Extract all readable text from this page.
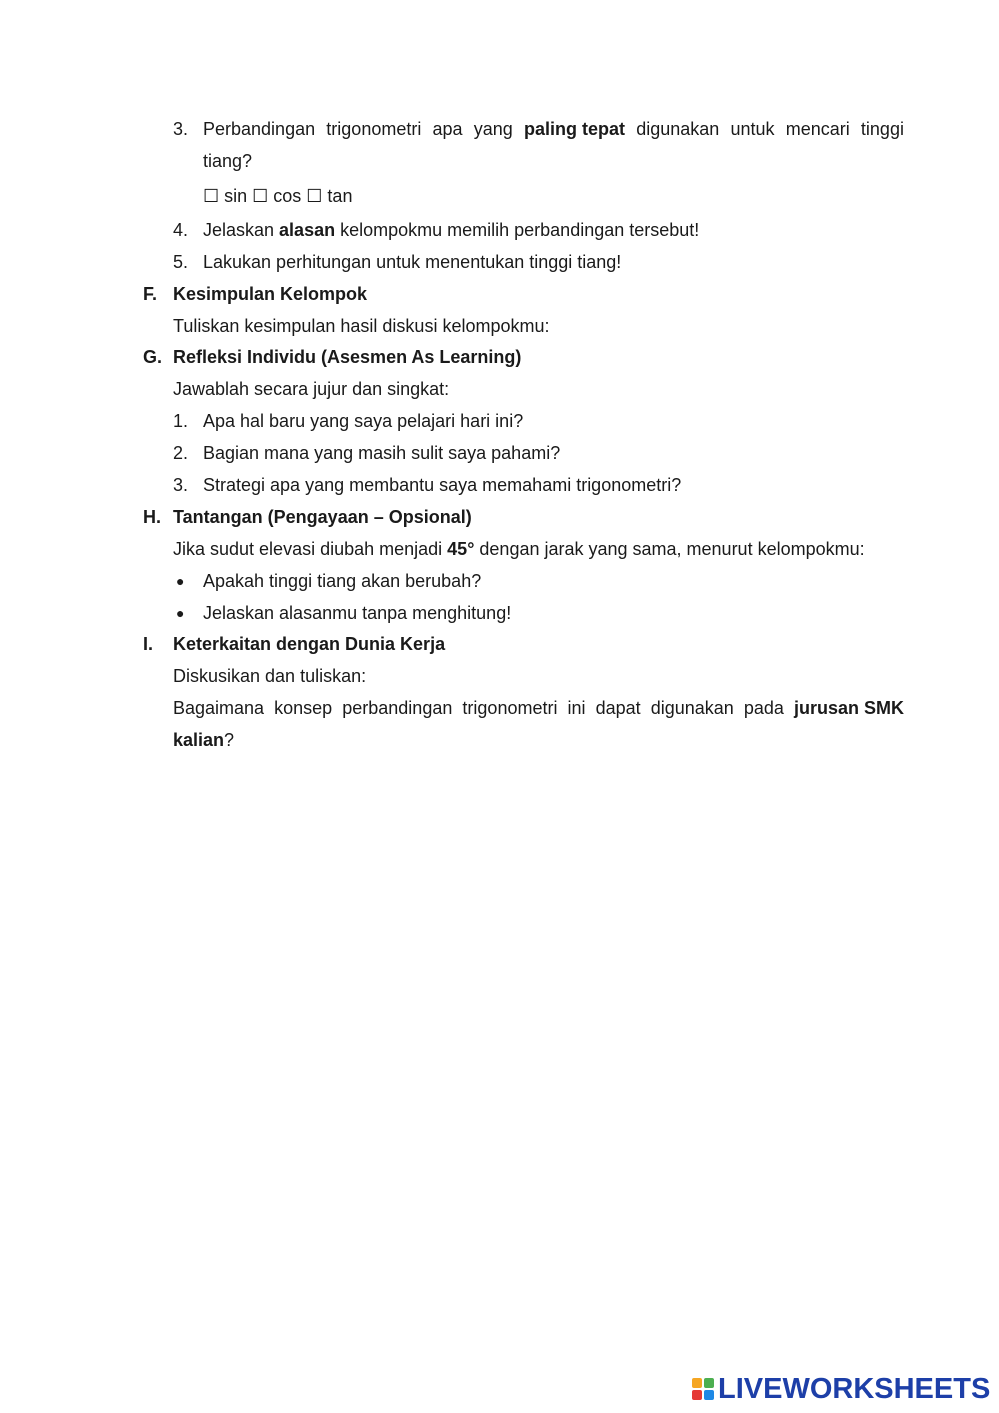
3. Perbandingan trigonometri apa yang paling tepat digunakan untuk mencari tinggi
tiang?
☐ sin ☐ cos ☐ tan
4. Jelaskan alasan kelompokmu memilih perbandingan tersebut!
5. Lakukan perhitungan untuk menentukan tinggi tiang!
F. Kesimpulan Kelompok
Tuliskan kesimpulan hasil diskusi kelompokmu:
G. Refleksi Individu (Asesmen As Learning)
Jawablah secara jujur dan singkat:
1. Apa hal baru yang saya pelajari hari ini?
2. Bagian mana yang masih sulit saya pahami?
3. Strategi apa yang membantu saya memahami trigonometri?
H. Tantangan (Pengayaan – Opsional)
Jika sudut elevasi diubah menjadi 45° dengan jarak yang sama, menurut kelompokmu:
● Apakah tinggi tiang akan berubah?
● Jelaskan alasanmu tanpa menghitung!
I. Keterkaitan dengan Dunia Kerja
Diskusikan dan tuliskan:
Bagaimana konsep perbandingan trigonometri ini dapat digunakan pada jurusan SMK
kalian?
LIVEWORKSHEETS
